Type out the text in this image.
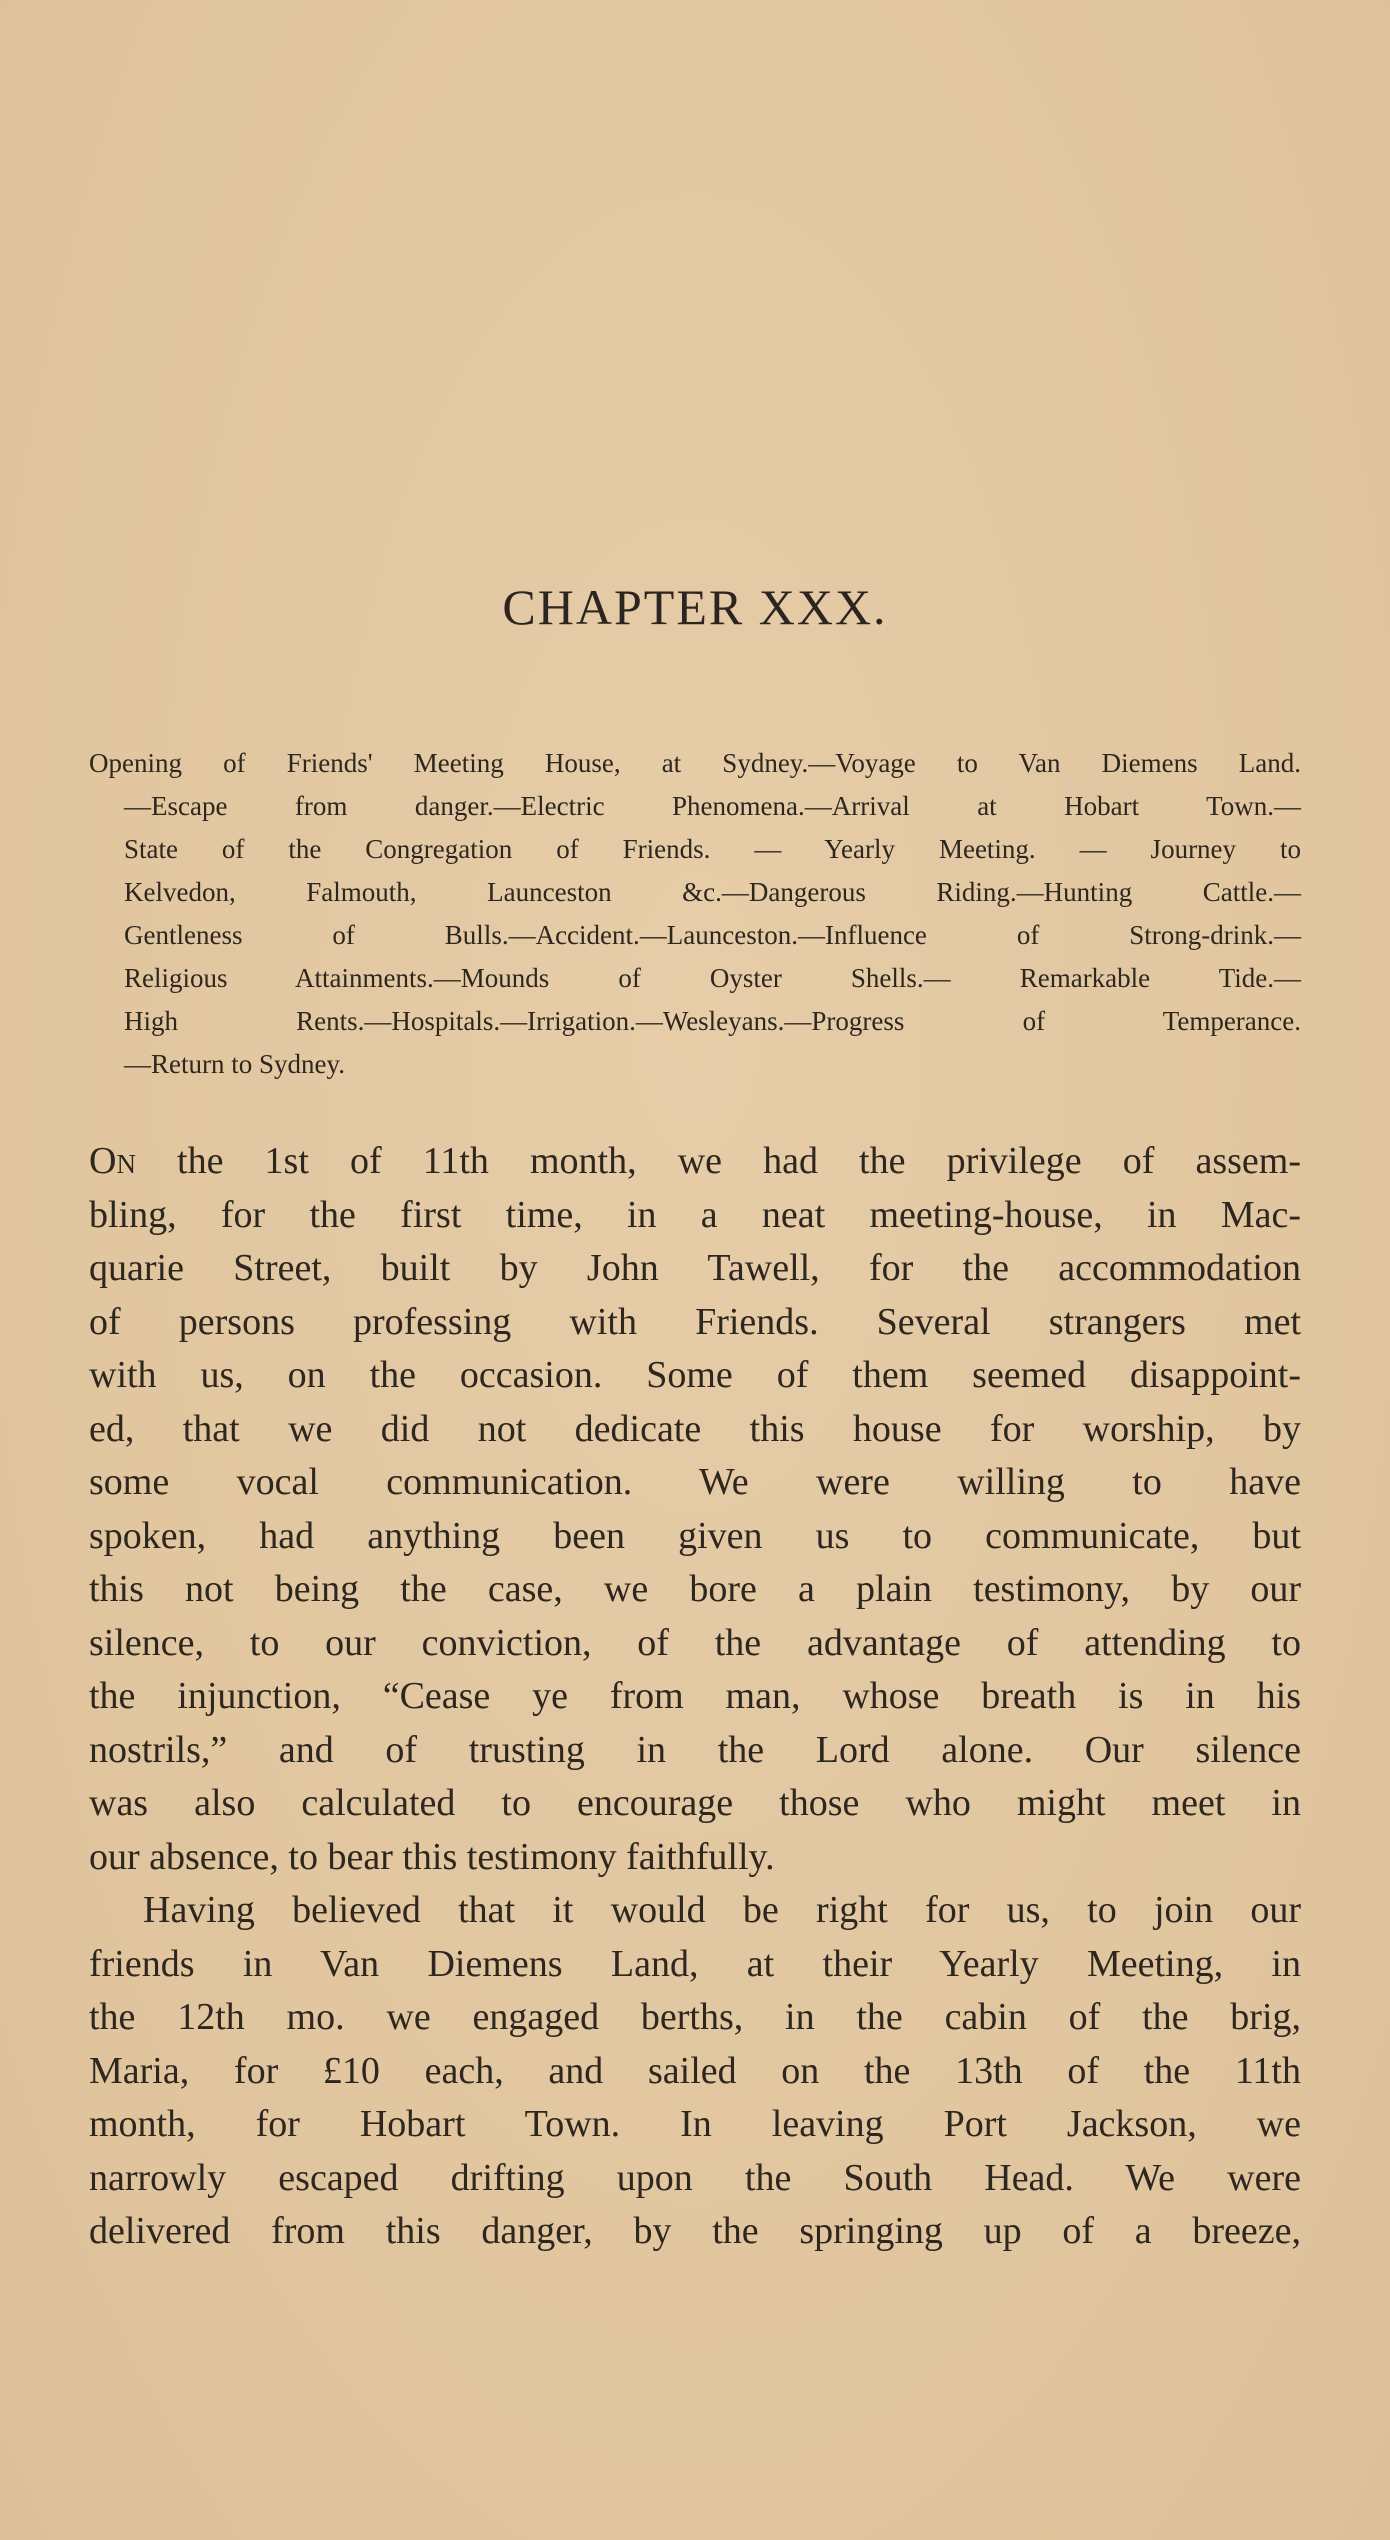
CHAPTER XXX.
Opening of Friends' Meeting House, at Sydney.—Voyage to Van Diemens Land.
—Escape from danger.—Electric Phenomena.—Arrival at Hobart Town.—
State of the Congregation of Friends. — Yearly Meeting. — Journey to
Kelvedon, Falmouth, Launceston &c.—Dangerous Riding.—Hunting Cattle.—
Gentleness of Bulls.—Accident.—Launceston.—Influence of Strong-drink.—
Religious Attainments.—Mounds of Oyster Shells.— Remarkable Tide.—
High Rents.—Hospitals.—Irrigation.—Wesleyans.—Progress of Temperance.
—Return to Sydney.
On the 1st of 11th month, we had the privilege of assem-
bling, for the first time, in a neat meeting-house, in Mac-
quarie Street, built by John Tawell, for the accommodation
of persons professing with Friends. Several strangers met
with us, on the occasion. Some of them seemed disappoint-
ed, that we did not dedicate this house for worship, by
some vocal communication. We were willing to have
spoken, had anything been given us to communicate, but
this not being the case, we bore a plain testimony, by our
silence, to our conviction, of the advantage of attending to
the injunction, “Cease ye from man, whose breath is in his
nostrils,” and of trusting in the Lord alone. Our silence
was also calculated to encourage those who might meet in
our absence, to bear this testimony faithfully.
Having believed that it would be right for us, to join our
friends in Van Diemens Land, at their Yearly Meeting, in
the 12th mo. we engaged berths, in the cabin of the brig,
Maria, for £10 each, and sailed on the 13th of the 11th
month, for Hobart Town. In leaving Port Jackson, we
narrowly escaped drifting upon the South Head. We were
delivered from this danger, by the springing up of a breeze,
